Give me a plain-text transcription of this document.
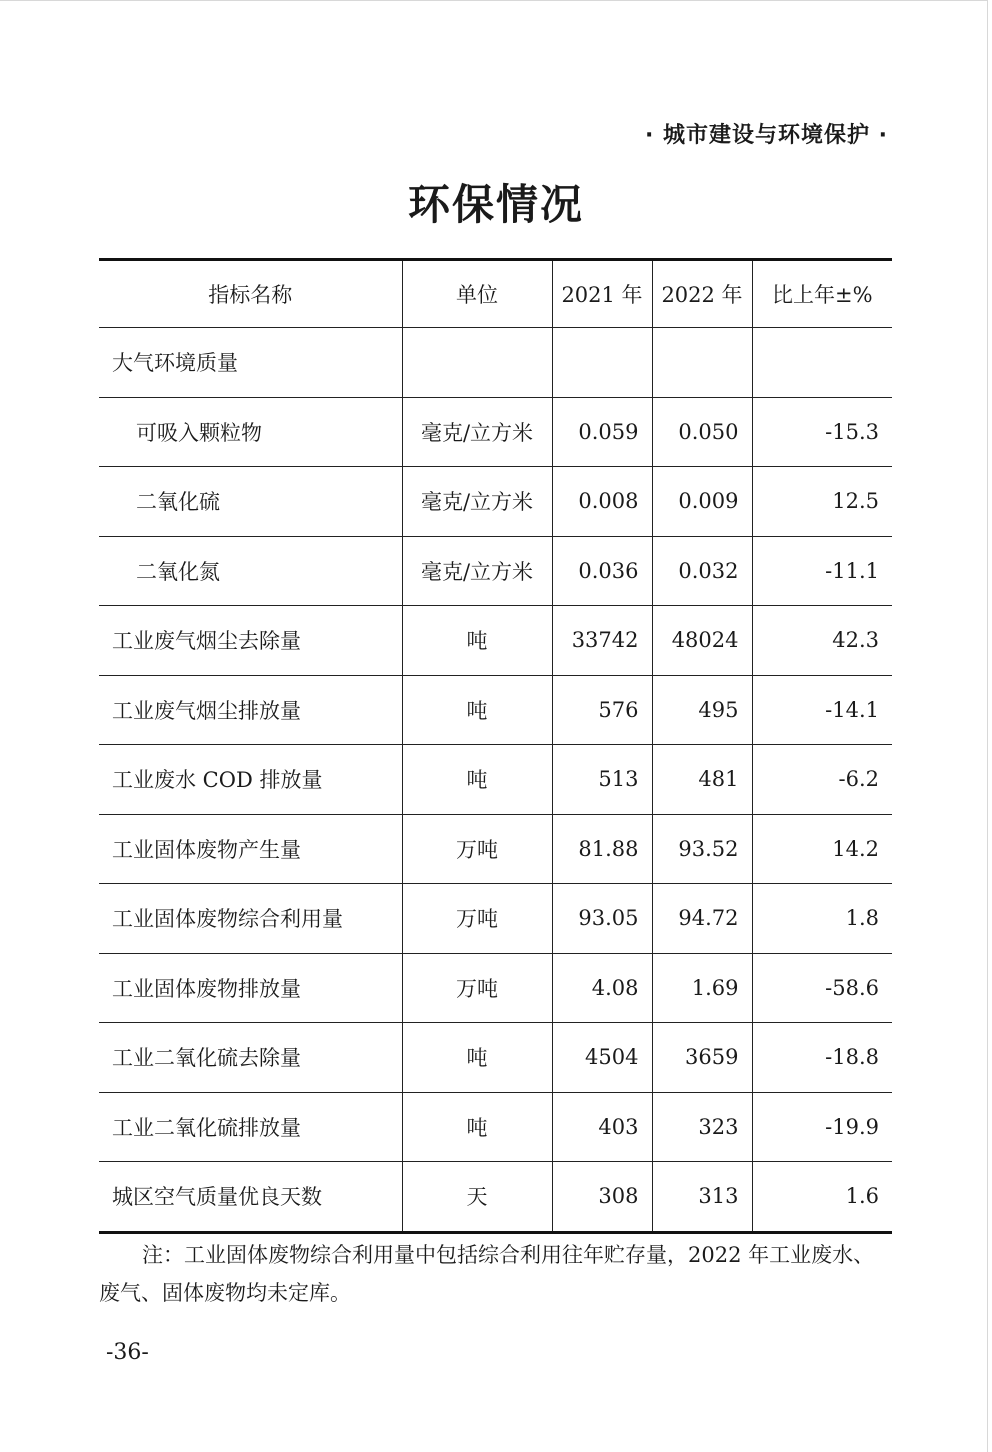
· 城市建设与环境保护 ·
环保情况
指标名称	单位	2021 年	2022 年	比上年±%
大气环境质量				
可吸入颗粒物	毫克/立方米	0.059	0.050	-15.3
二氧化硫	毫克/立方米	0.008	0.009	12.5
二氧化氮	毫克/立方米	0.036	0.032	-11.1
工业废气烟尘去除量	吨	33742	48024	42.3
工业废气烟尘排放量	吨	576	495	-14.1
工业废水 COD 排放量	吨	513	481	-6.2
工业固体废物产生量	万吨	81.88	93.52	14.2
工业固体废物综合利用量	万吨	93.05	94.72	1.8
工业固体废物排放量	万吨	4.08	1.69	-58.6
工业二氧化硫去除量	吨	4504	3659	-18.8
工业二氧化硫排放量	吨	403	323	-19.9
城区空气质量优良天数	天	308	313	1.6
注：工业固体废物综合利用量中包括综合利用往年贮存量，2022 年工业废水、
废气、固体废物均未定库。
-36-
